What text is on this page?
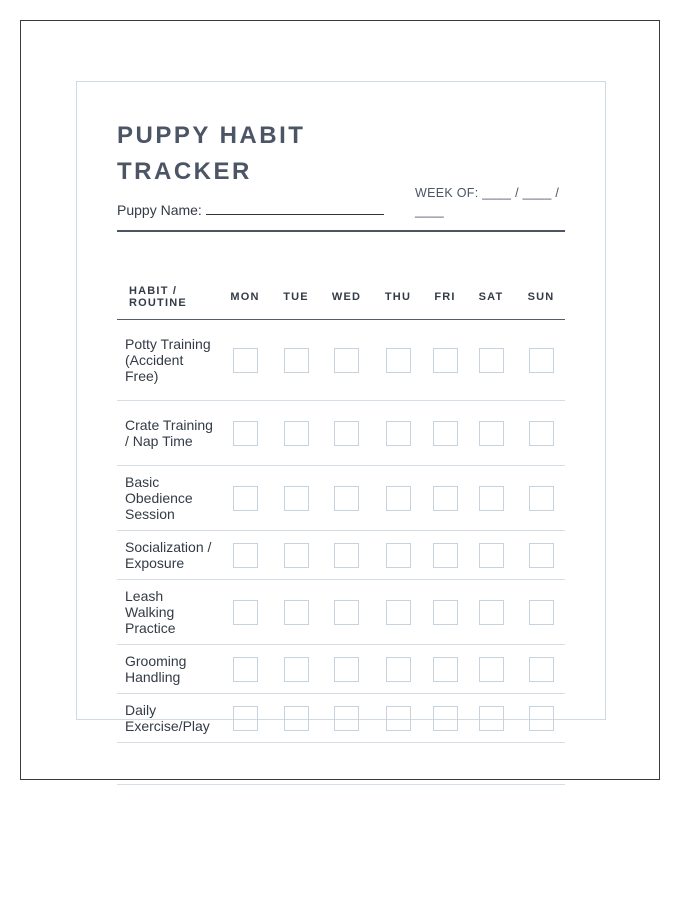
PUPPY HABIT TRACKER
Puppy Name:
WEEK OF: ____ / ____ / ____
HABIT / ROUTINE	MON	TUE	WED	THU	FRI	SAT	SUN
Potty Training (Accident Free)							
Crate Training / Nap Time							
Basic Obedience Session							
Socialization / Exposure							
Leash Walking Practice							
Grooming Handling							
Daily Exercise/Play							
